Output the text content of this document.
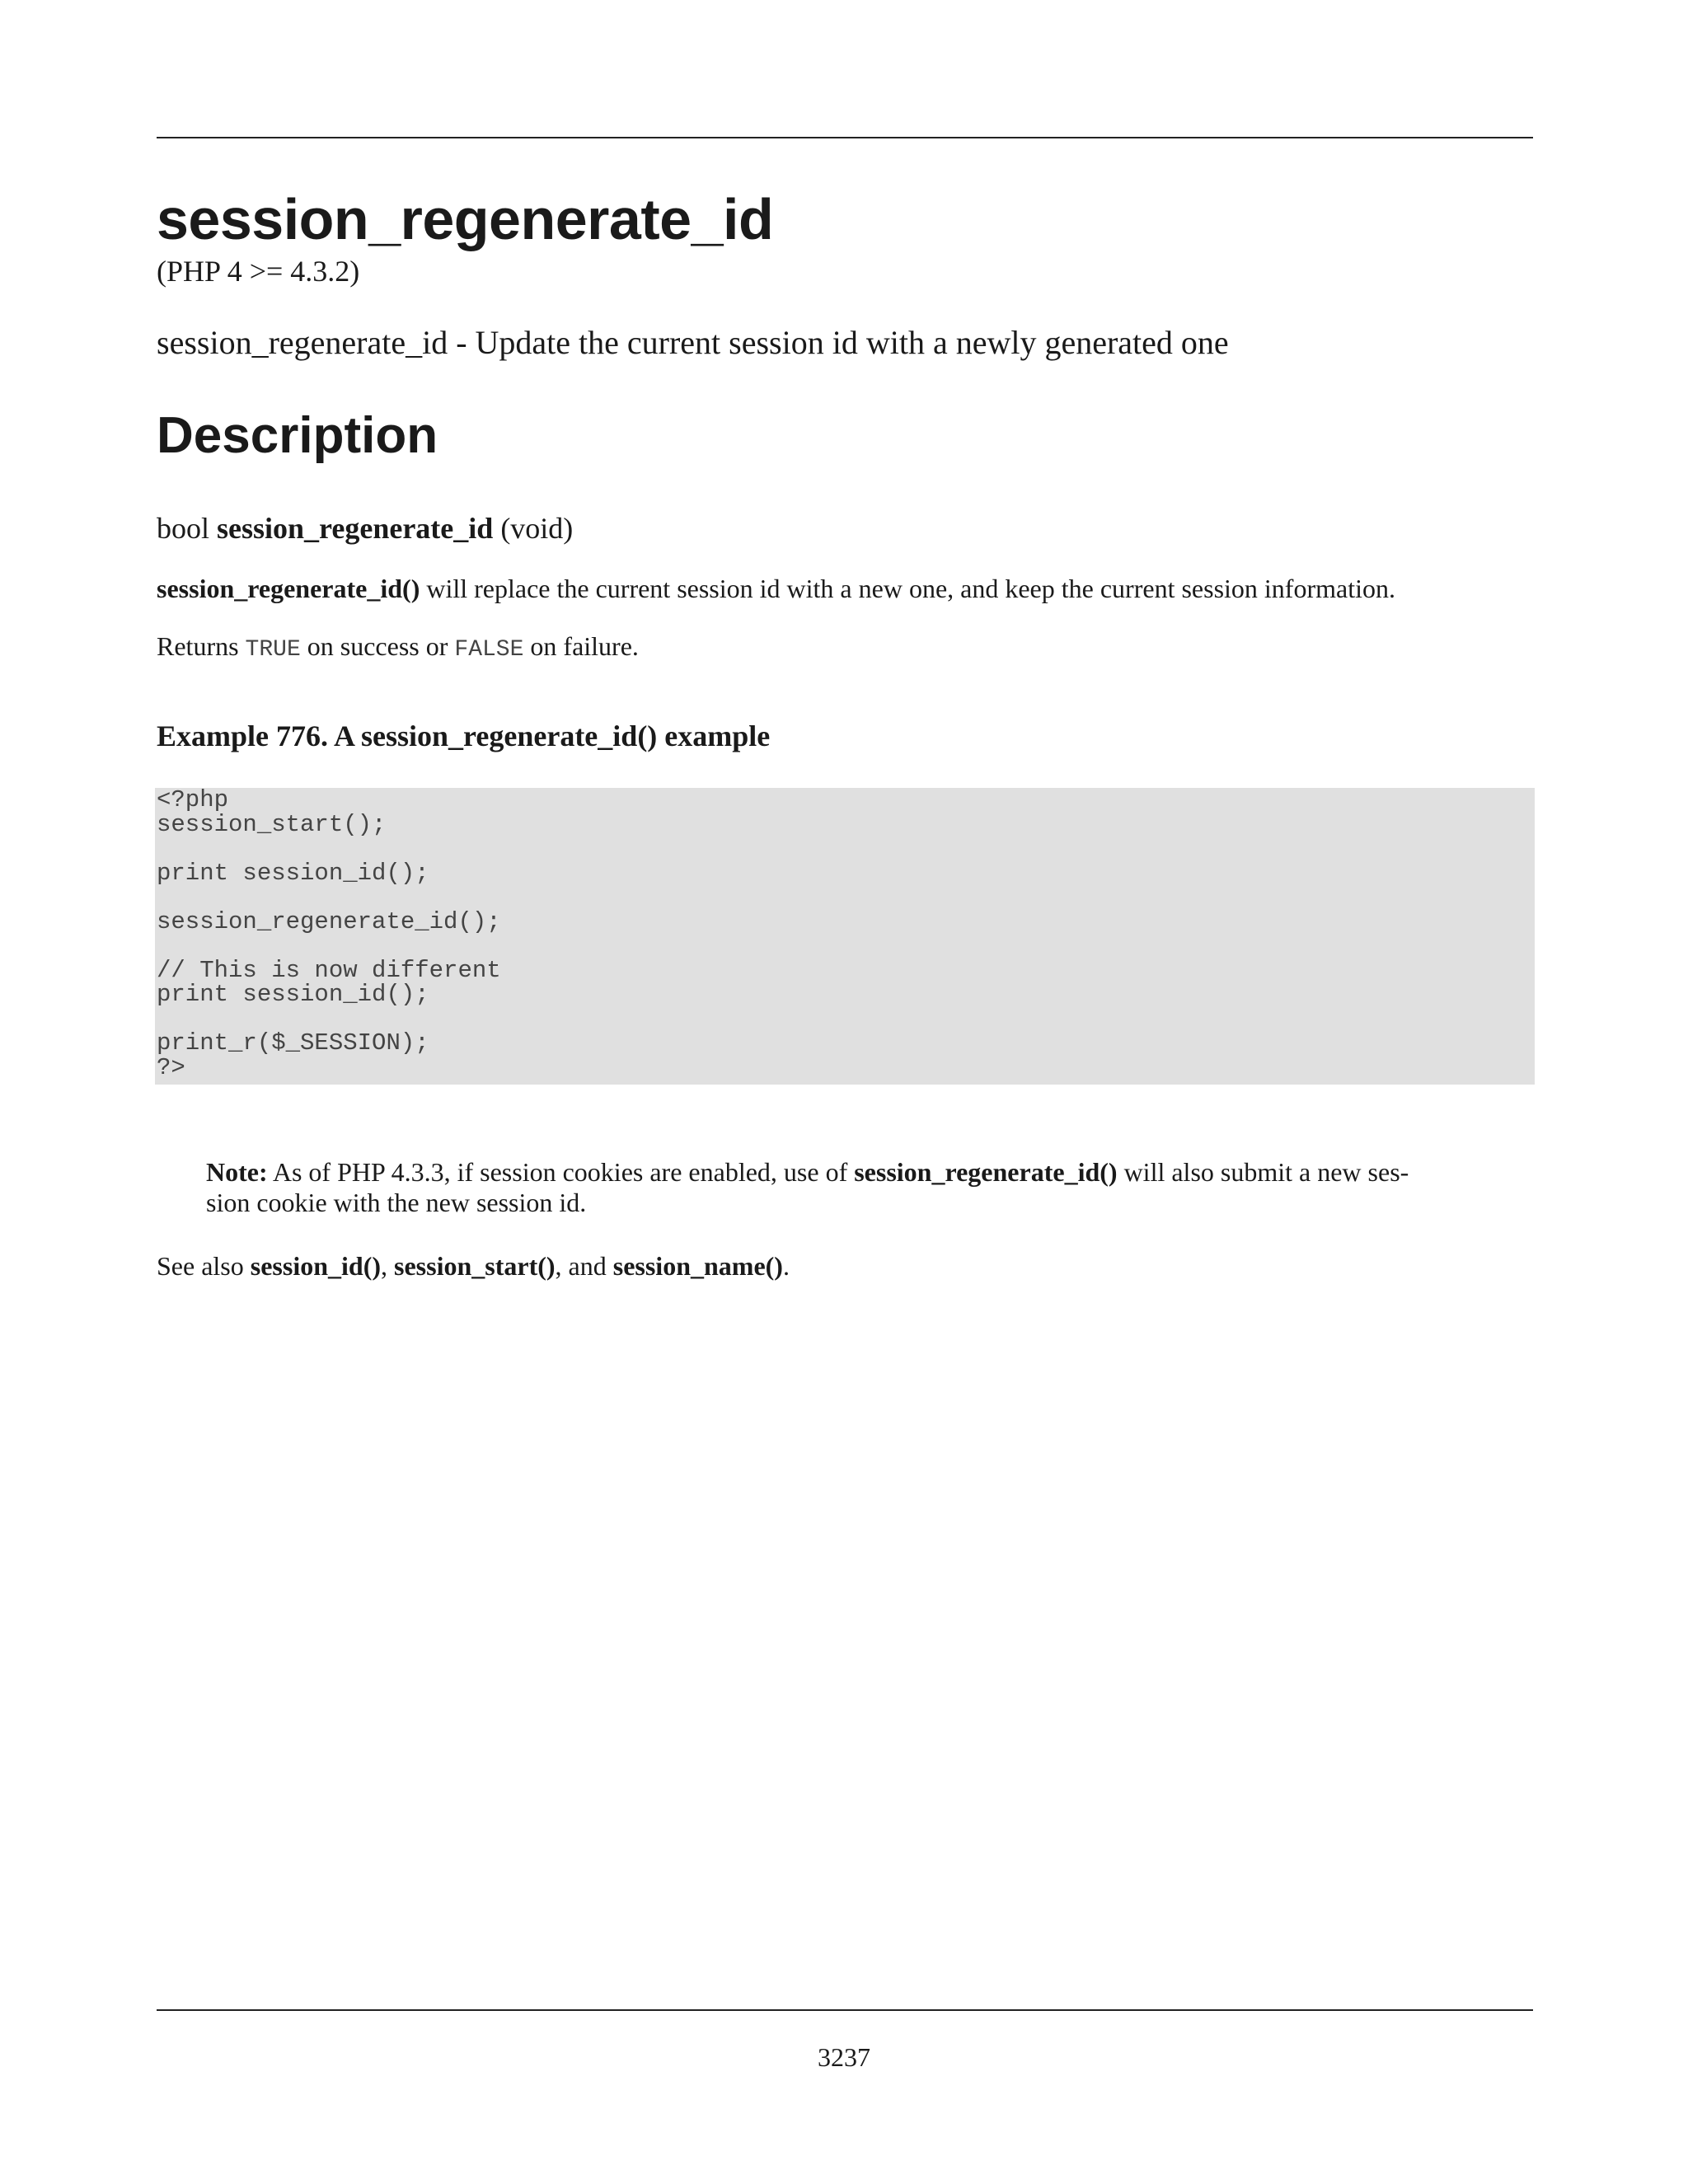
session_regenerate_id

(PHP 4 >= 4.3.2)

session_regenerate_id - Update the current session id with a newly generated one

Description

bool session_regenerate_id (void)

session_regenerate_id() will replace the current session id with a new one, and keep the current session information.

Returns TRUE on success or FALSE on failure.

Example 776. A session_regenerate_id() example

<?php
session_start();

print session_id();

session_regenerate_id();

// This is now different
print session_id();

print_r($_SESSION);
?>

Note: As of PHP 4.3.3, if session cookies are enabled, use of session_regenerate_id() will also submit a new ses-
sion cookie with the new session id.

See also session_id(), session_start(), and session_name().

3237
